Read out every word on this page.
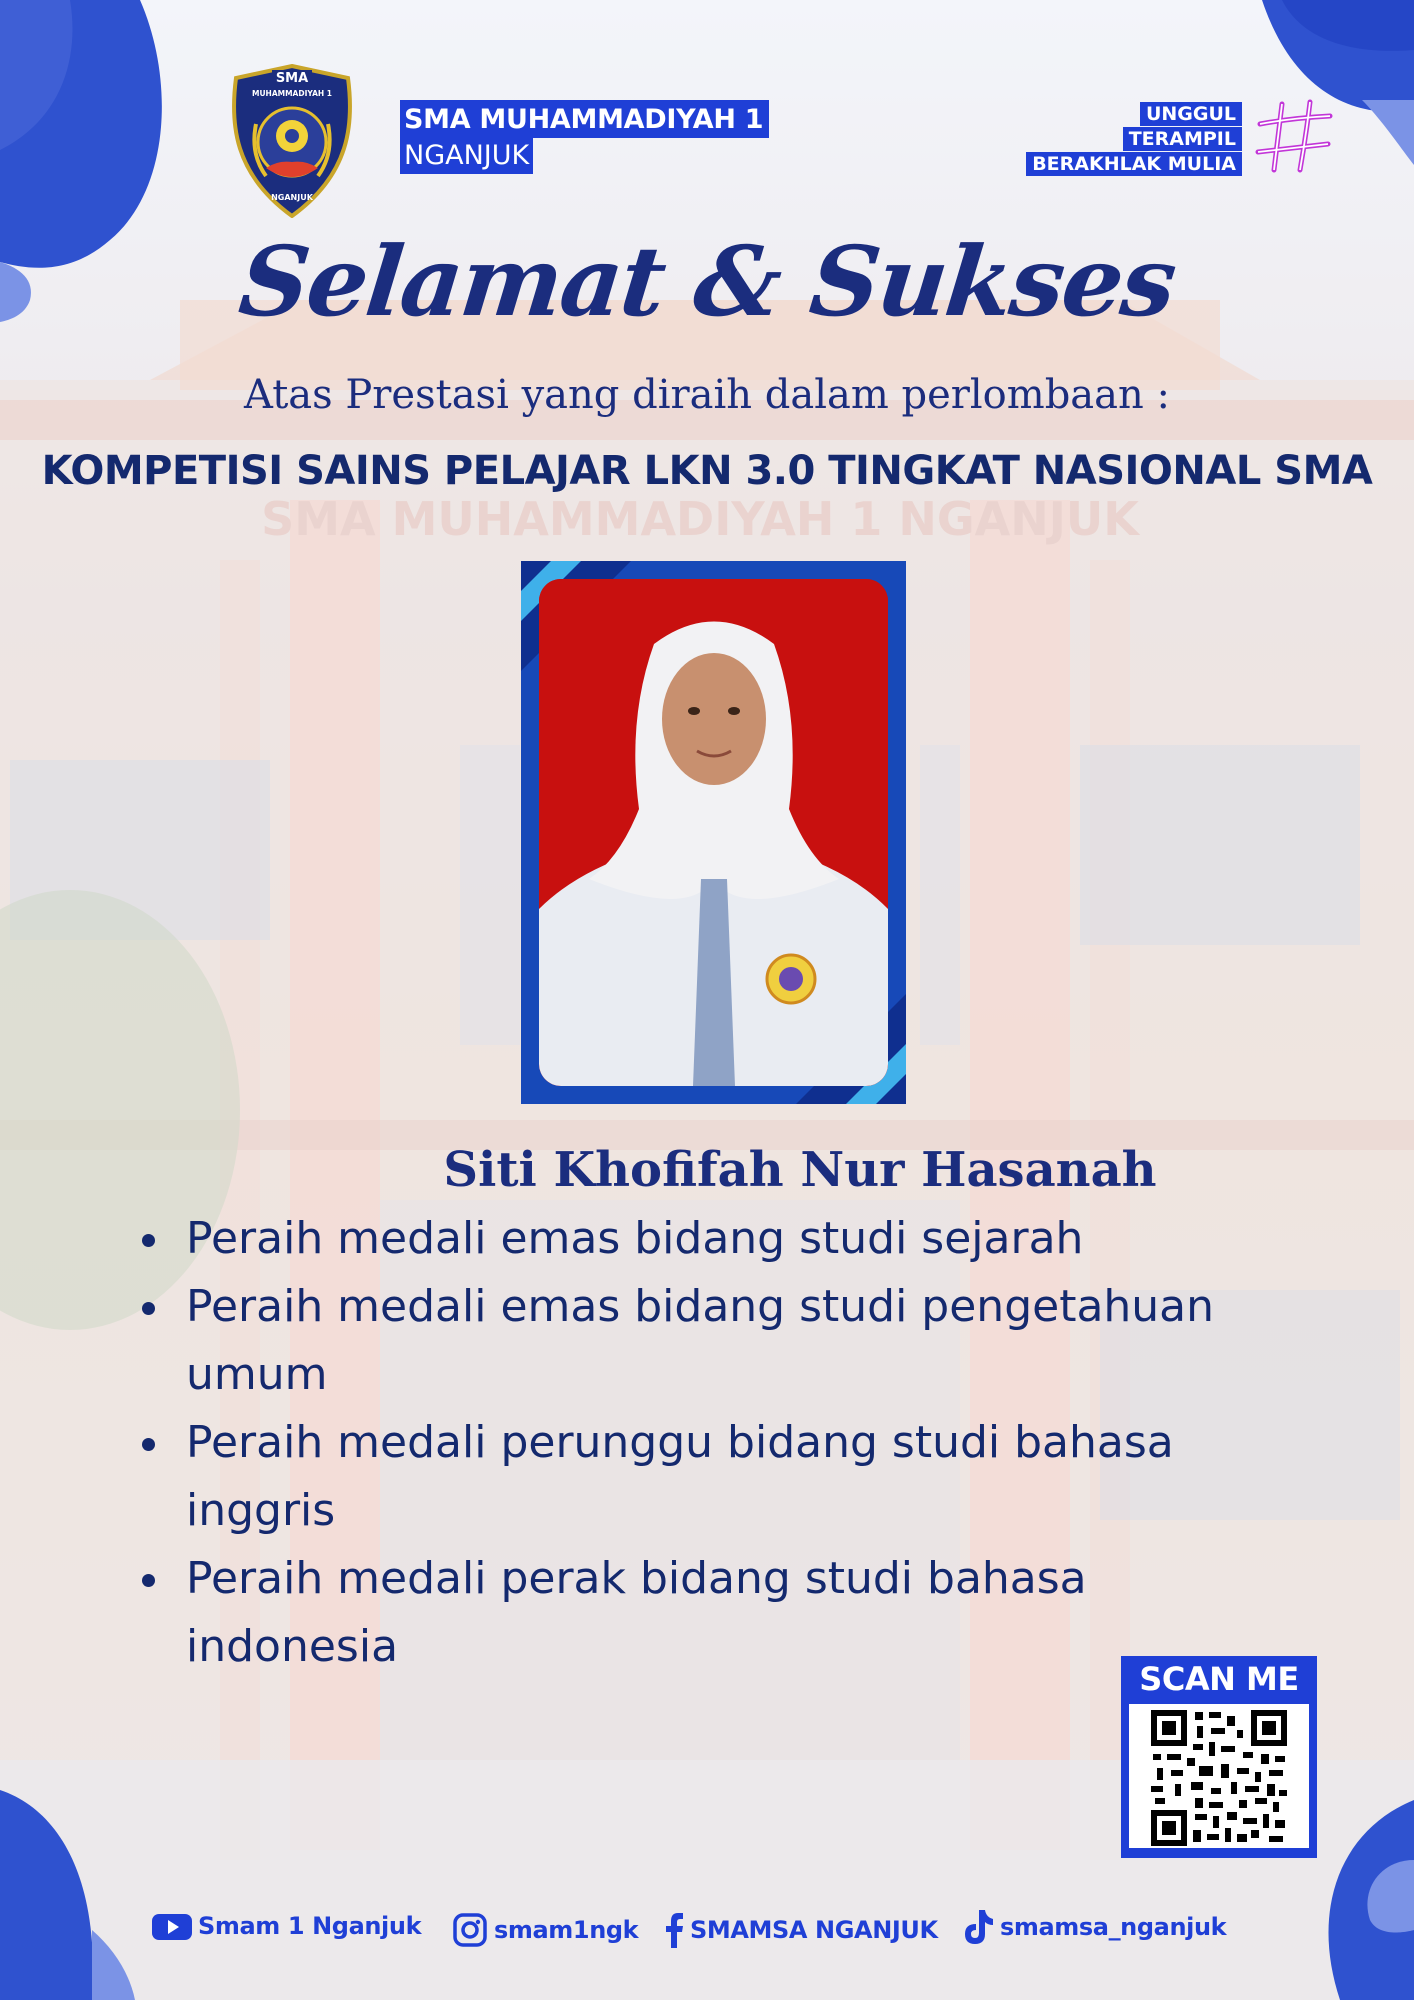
SMA MUHAMMADIYAH 1 NGANJUK
SMA
MUHAMMADIYAH 1
NGANJUK
SMA MUHAMMADIYAH 1
NGANJUK
UNGGUL
TERAMPIL
BERAKHLAK MULIA
Selamat & Sukses
Atas Prestasi yang diraih dalam perlombaan :
KOMPETISI SAINS PELAJAR LKN 3.0 TINGKAT NASIONAL SMA
Siti Khofifah Nur Hasanah
Peraih medali emas bidang studi sejarah
Peraih medali emas bidang studi pengetahuan umum
Peraih medali perunggu bidang studi bahasa inggris
Peraih medali perak bidang studi bahasa indonesia
SCAN ME
Smam 1 Nganjuk	smam1ngk SMAMSA NGANJUK	smamsa_nganjuk
